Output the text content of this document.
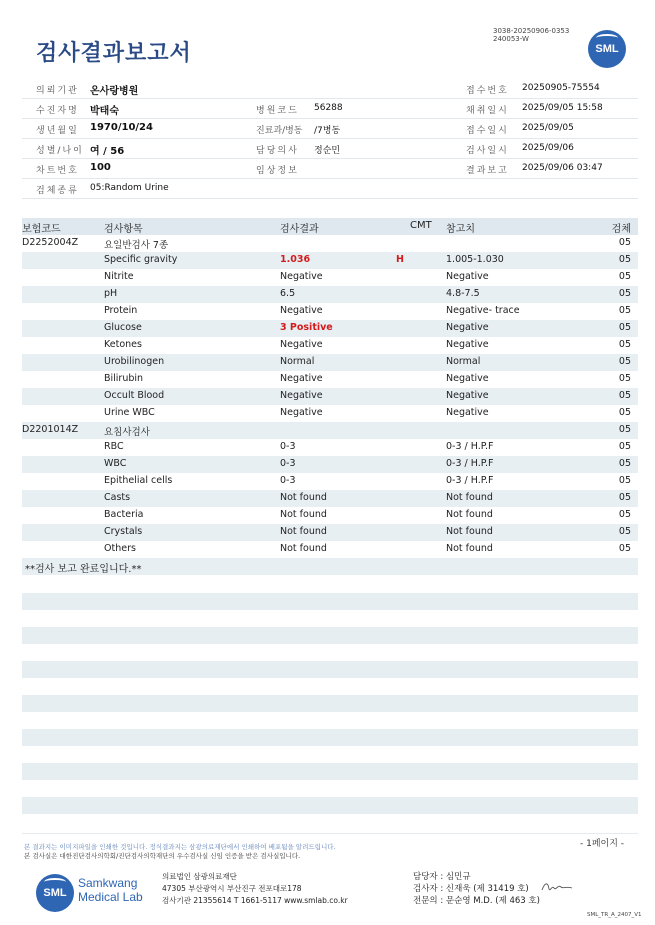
검사결과보고서
3038-20250906-0353
240053-W
SML
의뢰기관 온사랑병원	접수번호 20250905-75554
수진자명 박태숙	병원코드 56288	채취일시 2025/09/05 15:58
생년월일 1970/10/24	진료과/병동 /7병동	접수일시 2025/09/05
성별/나이 여 / 56	담당의사 정순민	검사일시 2025/09/06
차트번호 100	임상정보	결과보고 2025/09/06 03:47
검체종류 05:Random Urine
보험코드	검사항목	검사결과	CMT 참고치	검체
D2252004Z	요일반검사 7종	05
Specific gravity	1.036	H	1.005-1.030	05
Nitrite	Negative	Negative	05
pH	6.5	4.8-7.5	05
Protein	Negative	Negative- trace	05
Glucose	3 Positive	Negative	05
Ketones	Negative	Negative	05
Urobilinogen	Normal	Normal	05
Bilirubin	Negative	Negative	05
Occult Blood	Negative	Negative	05
Urine WBC	Negative	Negative	05
D2201014Z	요침사검사	05
RBC	0-3	0-3 / H.P.F	05
WBC	0-3	0-3 / H.P.F	05
Epithelial cells	0-3	0-3 / H.P.F	05
Casts	Not found	Not found	05
Bacteria	Not found	Not found	05
Crystals	Not found	Not found	05
Others	Not found	Not found	05
**검사 보고 완료입니다.**
- 1페이지 -
본 결과지는 이미지파일을 인쇄한 것입니다. 정식결과지는 삼광의료재단에서 인쇄하여 배포됨을 알려드립니다.
본 검사실은 대한진단검사의학회/진단검사의학재단의 우수검사실 신임 인증을 받은 검사실입니다.
SML
Samkwang
Medical Lab
의료법인 삼광의료재단
47305 부산광역시 부산진구 전포대로178
검사기관 21355614 T 1661-5117 www.smlab.co.kr
담당자 : 심민규
검사자 : 신재욱 (제 31419 호)
전문의 : 문순영 M.D. (제 463 호)
SML_TR_A_2407_V1
